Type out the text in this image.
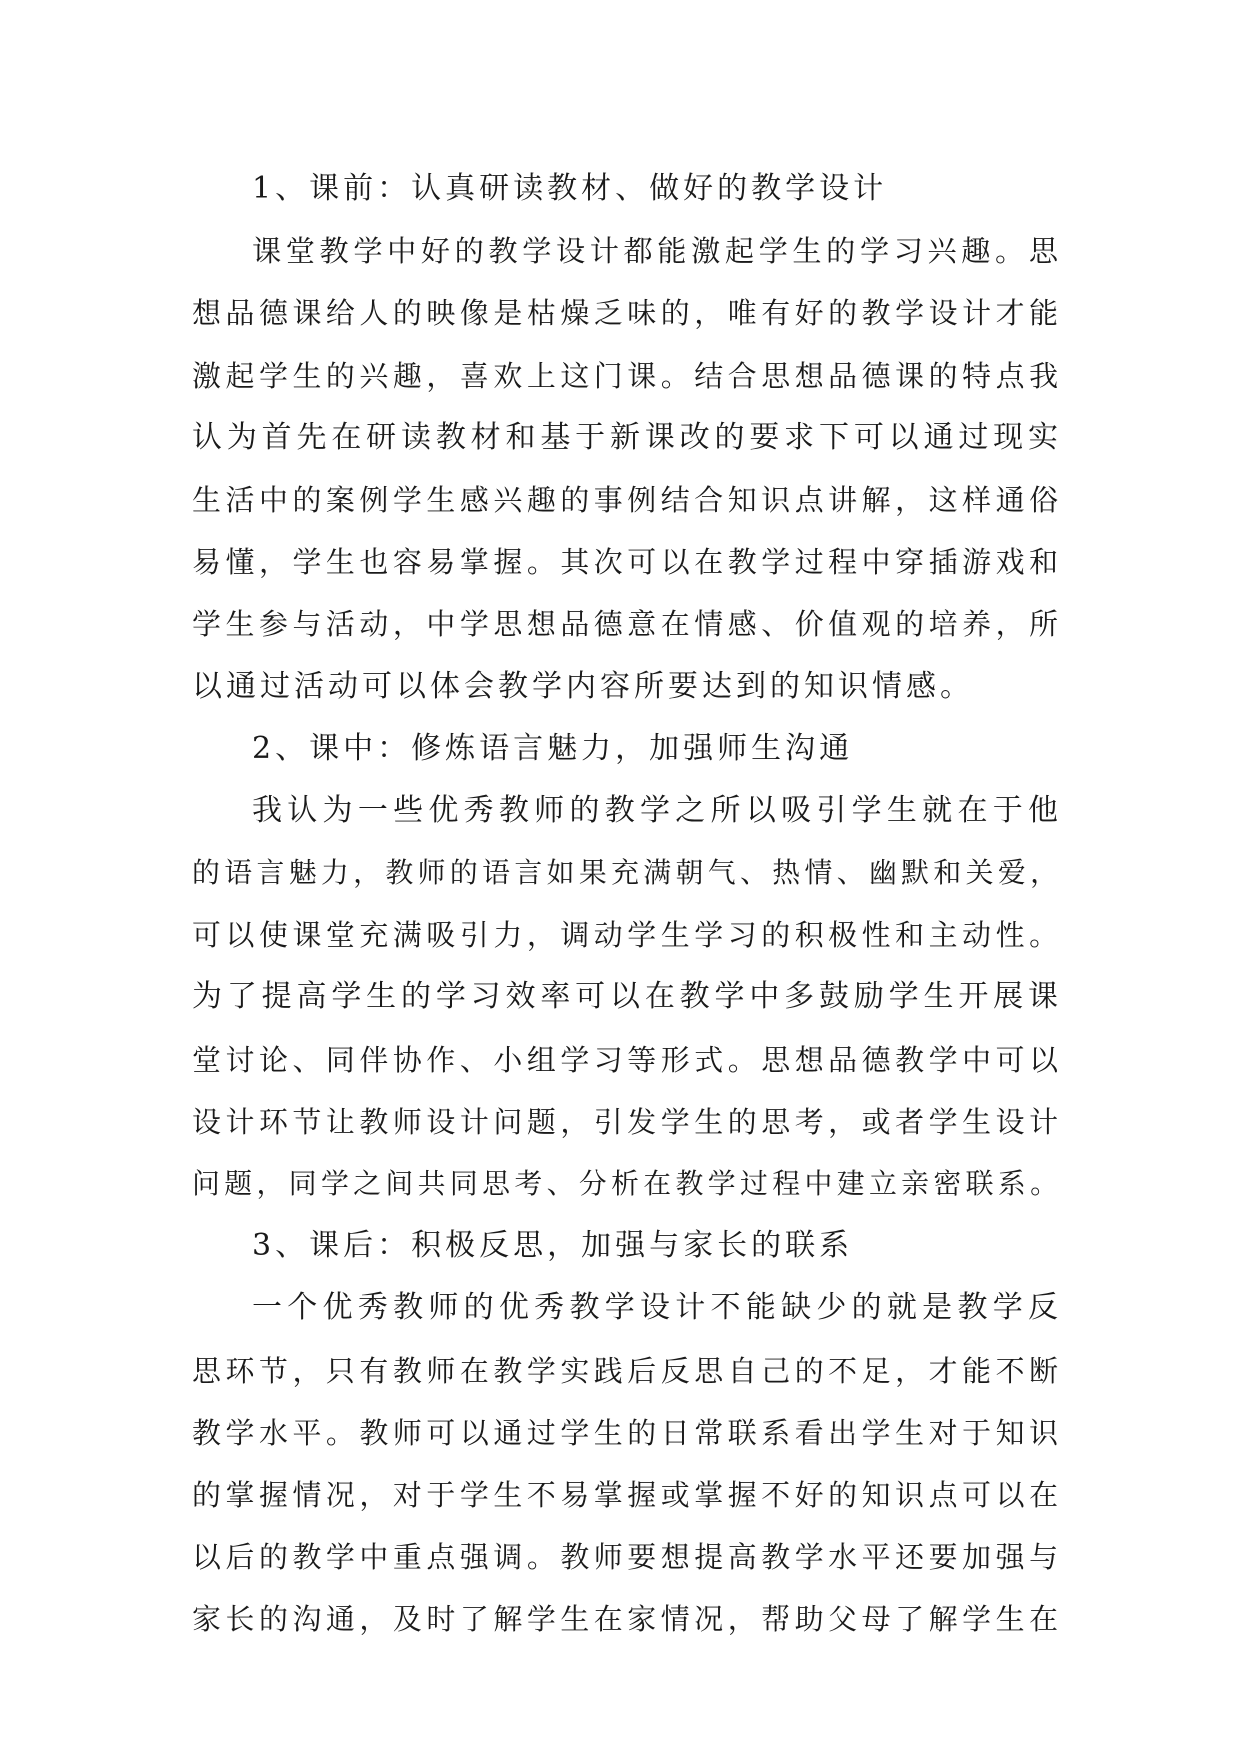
1、课前：认真研读教材、做好的教学设计
课堂教学中好的教学设计都能激起学生的学习兴趣。思
想品德课给人的映像是枯燥乏味的，唯有好的教学设计才能
激起学生的兴趣，喜欢上这门课。结合思想品德课的特点我
认为首先在研读教材和基于新课改的要求下可以通过现实
生活中的案例学生感兴趣的事例结合知识点讲解，这样通俗
易懂，学生也容易掌握。其次可以在教学过程中穿插游戏和
学生参与活动，中学思想品德意在情感、价值观的培养，所
以通过活动可以体会教学内容所要达到的知识情感。
2、课中：修炼语言魅力，加强师生沟通
我认为一些优秀教师的教学之所以吸引学生就在于他
的语言魅力，教师的语言如果充满朝气、热情、幽默和关爱，
可以使课堂充满吸引力，调动学生学习的积极性和主动性。
为了提高学生的学习效率可以在教学中多鼓励学生开展课
堂讨论、同伴协作、小组学习等形式。思想品德教学中可以
设计环节让教师设计问题，引发学生的思考，或者学生设计
问题，同学之间共同思考、分析在教学过程中建立亲密联系。
3、课后：积极反思，加强与家长的联系
一个优秀教师的优秀教学设计不能缺少的就是教学反
思环节，只有教师在教学实践后反思自己的不足，才能不断
教学水平。教师可以通过学生的日常联系看出学生对于知识
的掌握情况，对于学生不易掌握或掌握不好的知识点可以在
以后的教学中重点强调。教师要想提高教学水平还要加强与
家长的沟通，及时了解学生在家情况，帮助父母了解学生在
